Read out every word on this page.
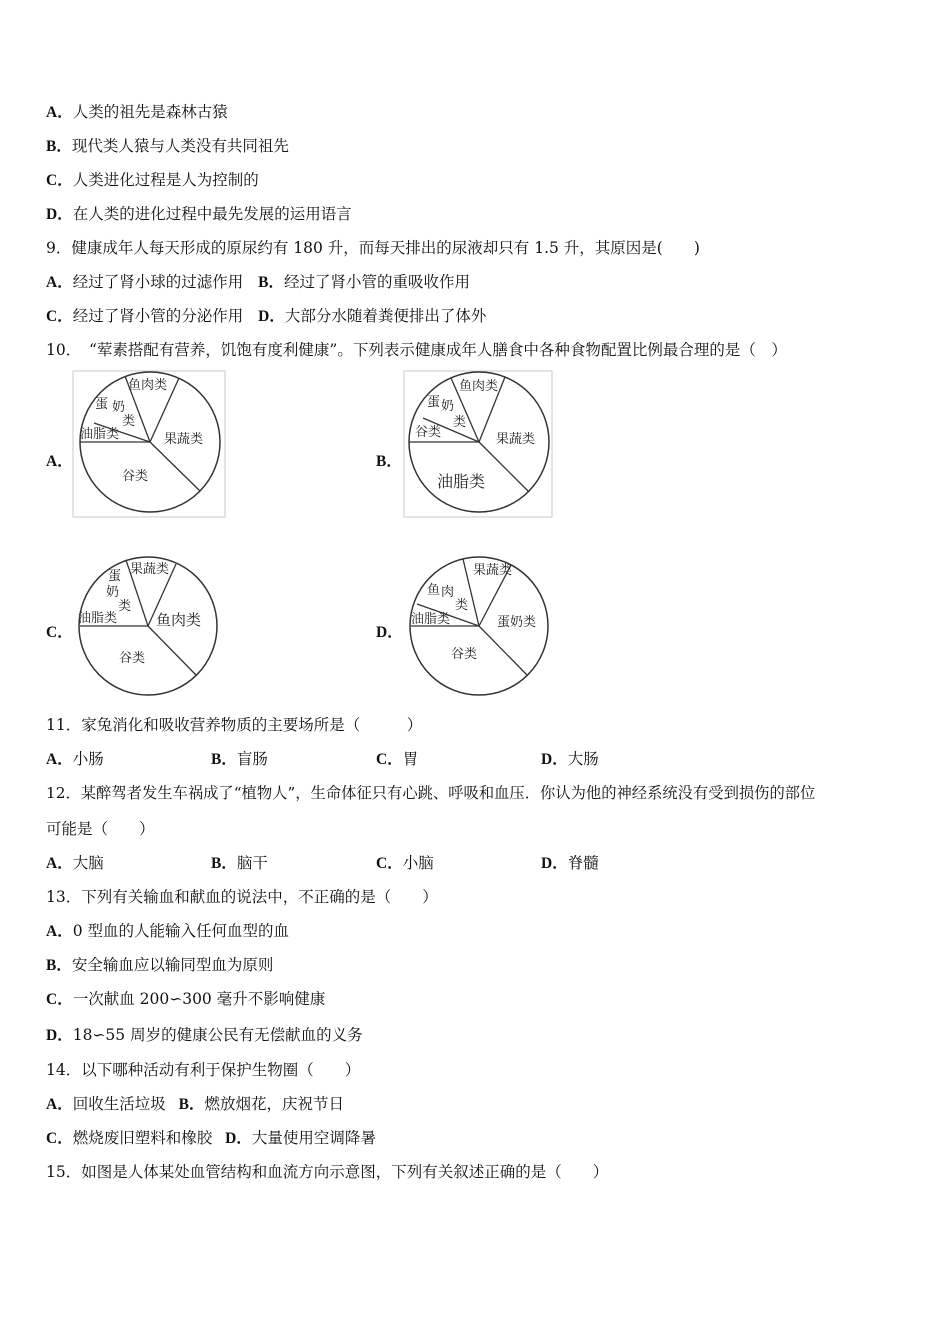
A．人类的祖先是森林古猿
B．现代类人猿与人类没有共同祖先
C．人类进化过程是人为控制的
D．在人类的进化过程中最先发展的运用语言
9．健康成年人每天形成的原尿约有 180 升，而每天排出的尿液却只有 1.5 升，其原因是(　　)
A．经过了肾小球的过滤作用 B．经过了肾小管的重吸收作用
C．经过了肾小管的分泌作用 D．大部分水随着粪便排出了体外
10．　“荤素搭配有营养，饥饱有度利健康”。下列表示健康成年人膳食中各种食物配置比例最合理的是（　）
A．
鱼肉类
蛋 奶
类
油脂类	果蔬类
谷类
B．
鱼肉类
蛋 奶
类
谷类	果蔬类
油脂类
C．
果蔬类
蛋
奶
类
油脂类	鱼肉类
谷类
D．
果蔬类
鱼 肉
类
油脂类	蛋奶类
谷类
11．家兔消化和吸收营养物质的主要场所是（　　　）
A．小肠	B．盲肠	C．胃	D．大肠
12．某醉驾者发生车祸成了“植物人”，生命体征只有心跳、呼吸和血压．你认为他的神经系统没有受到损伤的部位
可能是（　　）
A．大脑	B．脑干	C．小脑	D．脊髓
13．下列有关输血和献血的说法中，不正确的是（　　）
A．0 型血的人能输入任何血型的血
B．安全输血应以输同型血为原则
C．一次献血 200∽300 毫升不影响健康
D．18∽55 周岁的健康公民有无偿献血的义务
14．以下哪种活动有利于保护生物圈（　　）
A．回收生活垃圾 B．燃放烟花，庆祝节日
C．燃烧废旧塑料和橡胶 D．大量使用空调降暑
15．如图是人体某处血管结构和血流方向示意图，下列有关叙述正确的是（　　）
